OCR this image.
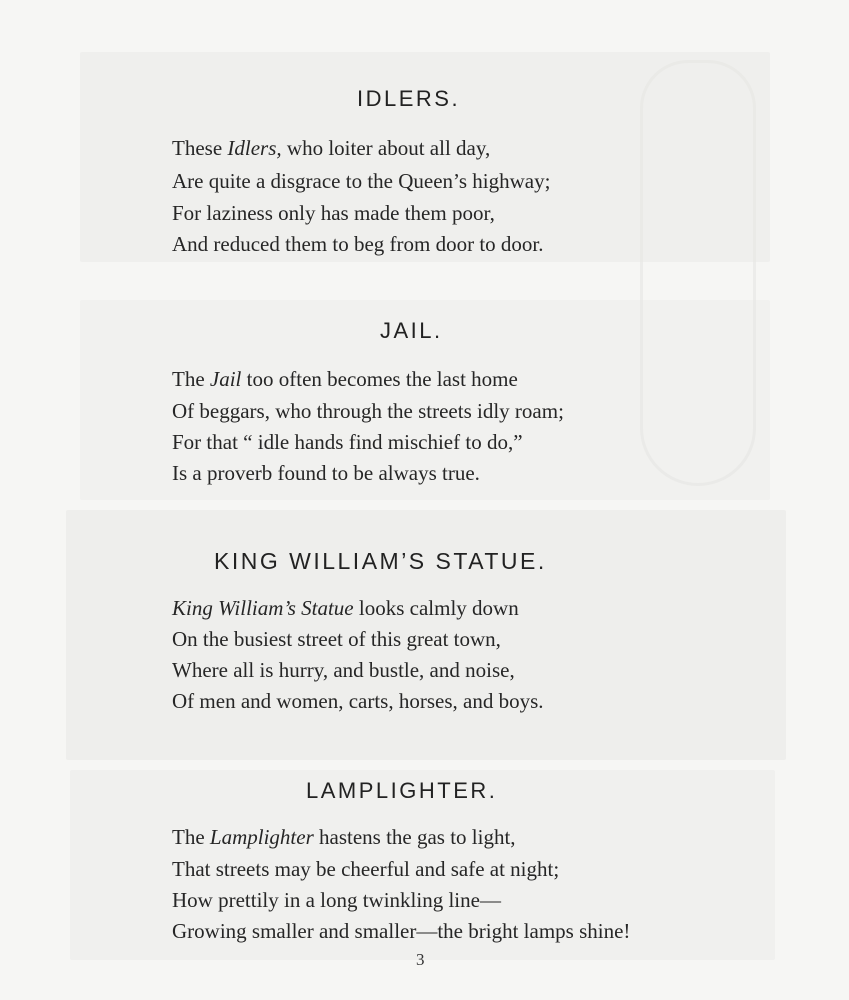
IDLERS.
These Idlers, who loiter about all day,
Are quite a disgrace to the Queen’s highway;
For laziness only has made them poor,
And reduced them to beg from door to door.
JAIL.
The Jail too often becomes the last home
Of beggars, who through the streets idly roam;
For that “ idle hands find mischief to do,”
Is a proverb found to be always true.
KING WILLIAM’S STATUE.
King William’s Statue looks calmly down
On the busiest street of this great town,
Where all is hurry, and bustle, and noise,
Of men and women, carts, horses, and boys.
LAMPLIGHTER.
The Lamplighter hastens the gas to light,
That streets may be cheerful and safe at night;
How prettily in a long twinkling line—
Growing smaller and smaller—the bright lamps shine!
3
